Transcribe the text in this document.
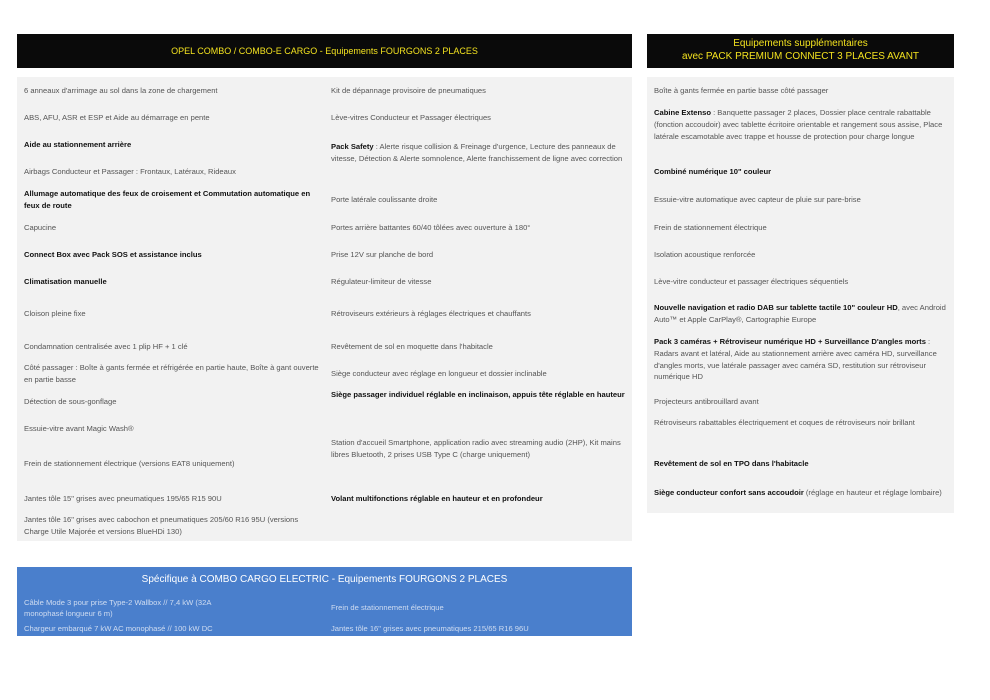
OPEL COMBO / COMBO-E CARGO - Equipements FOURGONS 2 PLACES
Equipements supplémentaires
avec PACK PREMIUM CONNECT 3 PLACES AVANT
6 anneaux d'arrimage au sol dans la zone de chargement
ABS, AFU, ASR et ESP et Aide au démarrage en pente
Aide au stationnement arrière
Airbags Conducteur et Passager : Frontaux, Latéraux, Rideaux
Allumage automatique des feux de croisement et Commutation automatique en feux de route
Capucine
Connect Box avec Pack SOS et assistance inclus
Climatisation manuelle
Cloison pleine fixe
Condamnation centralisée avec 1 plip HF + 1 clé
Côté passager : Boîte à gants fermée et réfrigérée en partie haute, Boîte à gant ouverte en partie basse
Détection de sous-gonflage
Essuie-vitre avant Magic Wash®
Frein de stationnement électrique (versions EAT8 uniquement)
Jantes tôle 15" grises avec pneumatiques 195/65 R15 90U
Jantes tôle 16" grises avec cabochon et pneumatiques 205/60 R16 95U (versions Charge Utile Majorée et versions BlueHDi 130)
Kit de dépannage provisoire de pneumatiques
Lève-vitres Conducteur et Passager électriques
Pack Safety : Alerte risque collision & Freinage d'urgence, Lecture des panneaux de vitesse, Détection & Alerte somnolence, Alerte franchissement de ligne avec correction
Porte latérale coulissante droite
Portes arrière battantes 60/40 tôlées avec ouverture à 180°
Prise 12V sur planche de bord
Régulateur-limiteur de vitesse
Rétroviseurs extérieurs à réglages électriques et chauffants
Revêtement de sol en moquette dans l'habitacle
Siège conducteur avec réglage en longueur et dossier inclinable
Siège passager individuel réglable en inclinaison, appuis tête réglable en hauteur
Station d'accueil Smartphone, application radio avec streaming audio (2HP), Kit mains libres Bluetooth, 2 prises USB Type C (charge uniquement)
Volant multifonctions réglable en hauteur et en profondeur
Boîte à gants fermée en partie basse côté passager
Cabine Extenso : Banquette passager 2 places, Dossier place centrale rabattable (fonction accoudoir) avec tablette écritoire orientable et rangement sous assise, Place latérale escamotable avec trappe et housse de protection pour charge longue
Combiné numérique 10" couleur
Essuie-vitre automatique avec capteur de pluie sur pare-brise
Frein de stationnement électrique
Isolation acoustique renforcée
Lève-vitre conducteur et passager électriques séquentiels
Nouvelle navigation et radio DAB sur tablette tactile 10" couleur HD, avec Android Auto™ et Apple CarPlay®, Cartographie Europe
Pack 3 caméras + Rétroviseur numérique HD + Surveillance D'angles morts : Radars avant et latéral, Aide au stationnement arrière avec caméra HD, surveillance d'angles morts, vue latérale passager avec caméra SD, restitution sur rétroviseur numérique HD
Projecteurs antibrouillard avant
Rétroviseurs rabattables électriquement et coques de rétroviseurs noir brillant
Revêtement de sol en TPO dans l'habitacle
Siège conducteur confort sans accoudoir (réglage en hauteur et réglage lombaire)
Spécifique à COMBO CARGO ELECTRIC - Equipements FOURGONS 2 PLACES
Câble Mode 3 pour prise Type-2 Wallbox // 7,4 kW (32A monophasé longueur 6 m)
Chargeur embarqué 7 kW AC monophasé // 100 kW DC
Frein de stationnement électrique
Jantes tôle 16" grises avec pneumatiques 215/65 R16 96U
